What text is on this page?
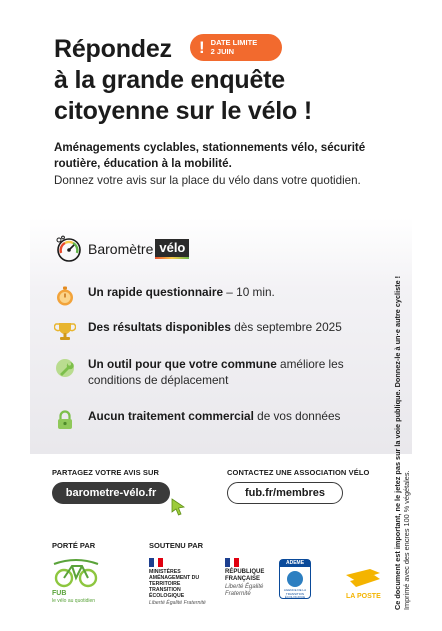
Répondez
à la grande enquête
citoyenne sur le vélo !
! DATE LIMITE
2 JUIN

Aménagements cyclables, stationnements vélo, sécurité routière, éducation à la mobilité.

Donnez votre avis sur la place du vélo dans votre quotidien.

Baromètre vélo
Un rapide questionnaire – 10 min.
Des résultats disponibles dès septembre 2025
Un outil pour que votre commune améliore les conditions de déplacement
Aucun traitement commercial de vos données
PARTAGEZ VOTRE AVIS SUR
barometre-vélo.fr
CONTACTEZ UNE ASSOCIATION VÉLO
fub.fr/membres
PORTÉ PAR	SOUTENU PAR
FUB
le vélo au quotidien
MINISTÈRES AMÉNAGEMENT DU TERRITOIRE TRANSITION ÉCOLOGIQUE
Liberté Égalité Fraternité
RÉPUBLIQUE FRANÇAISE
Liberté Égalité Fraternité
ADEME
AGENCE DE LA TRANSITION ÉCOLOGIQUE	LA POSTE Ce document est important, ne le jetez pas sur la voie publique. Donnez-le à un·e autre cycliste !
Imprimé avec des encres 100 % végétales.
